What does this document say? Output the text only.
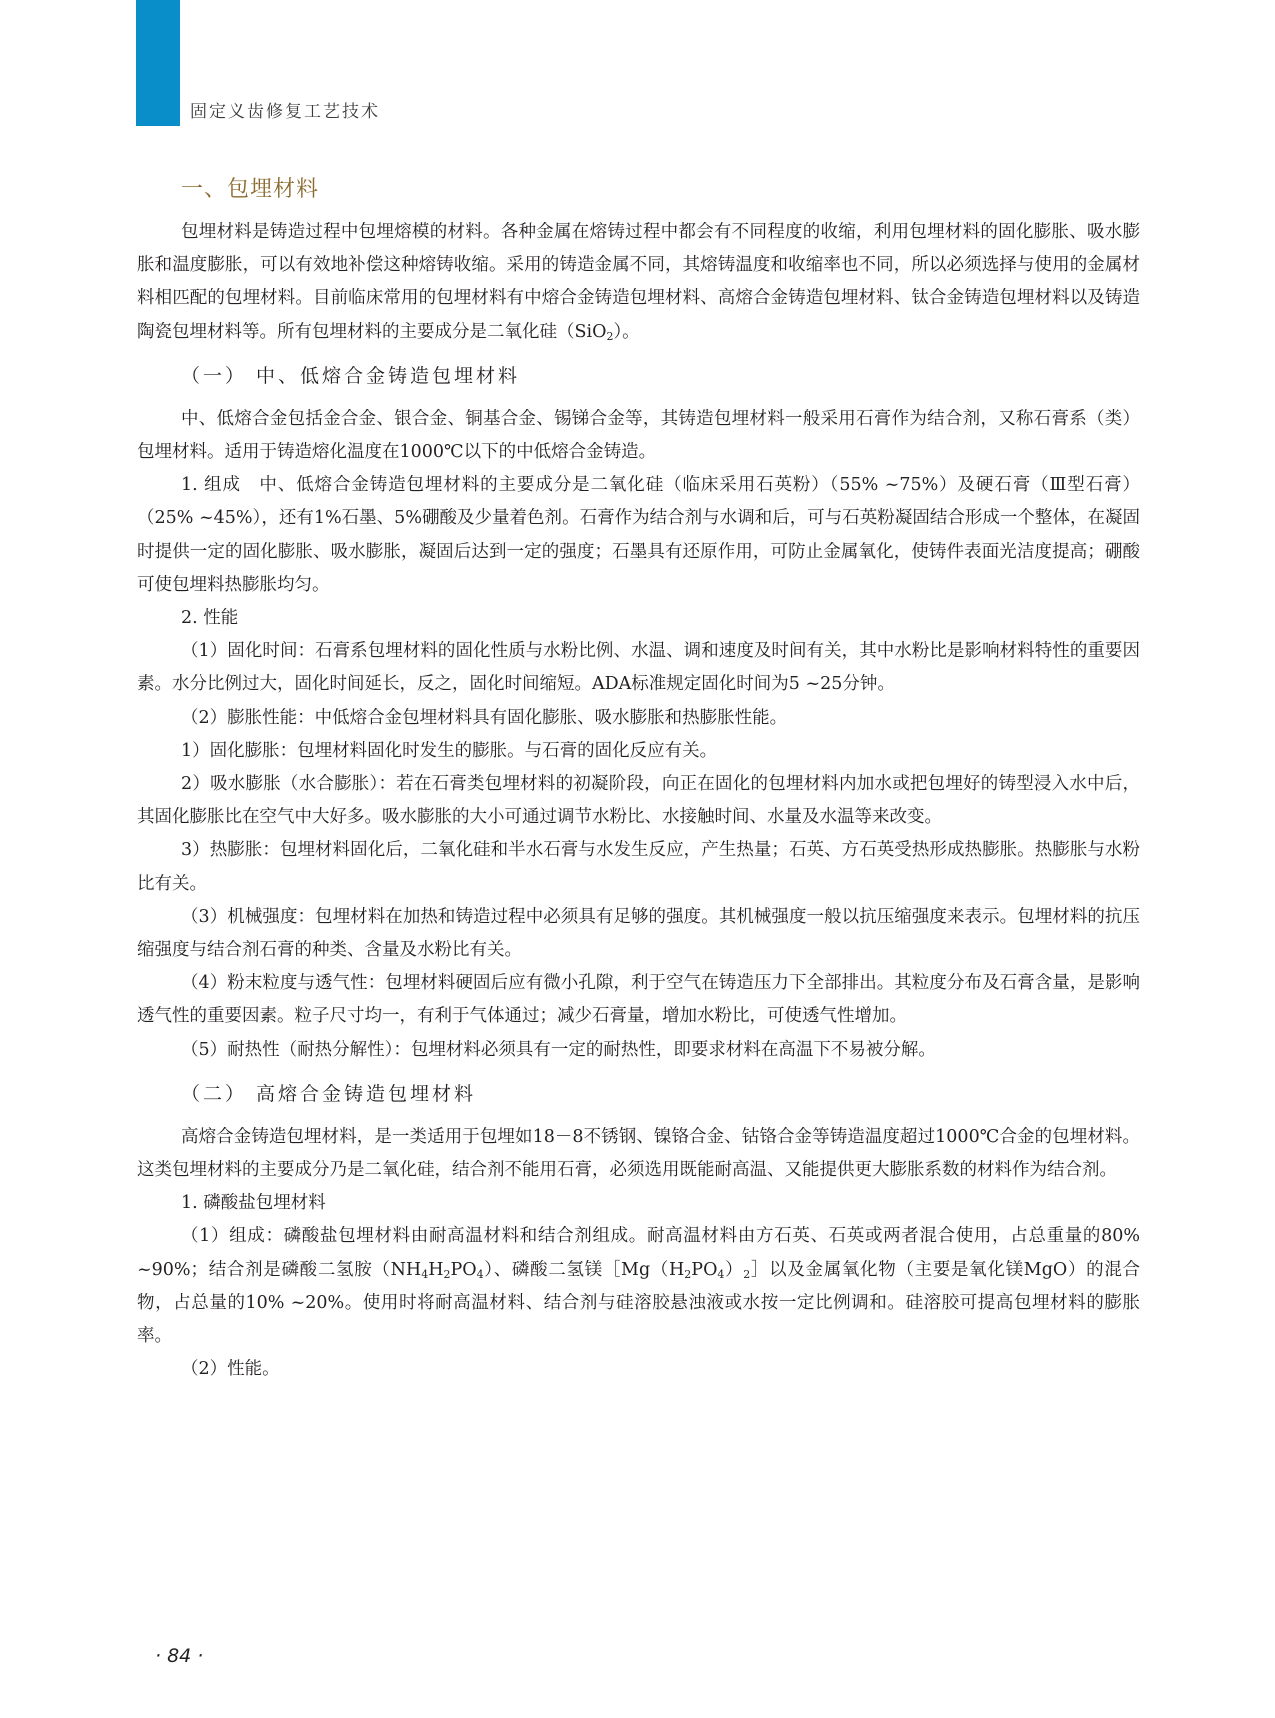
固定义齿修复工艺技术
一、包埋材料

包埋材料是铸造过程中包埋熔模的材料。各种金属在熔铸过程中都会有不同程度的收缩，利用包埋材料的固化膨胀、吸水膨胀和温度膨胀，可以有效地补偿这种熔铸收缩。采用的铸造金属不同，其熔铸温度和收缩率也不同，所以必须选择与使用的金属材料相匹配的包埋材料。目前临床常用的包埋材料有中熔合金铸造包埋材料、高熔合金铸造包埋材料、钛合金铸造包埋材料以及铸造陶瓷包埋材料等。所有包埋材料的主要成分是二氧化硅（SiO$_2$）。

（一） 中、低熔合金铸造包埋材料

中、低熔合金包括金合金、银合金、铜基合金、锡锑合金等，其铸造包埋材料一般采用石膏作为结合剂，又称石膏系（类）包埋材料。适用于铸造熔化温度在1000℃以下的中低熔合金铸造。

1. 组成　中、低熔合金铸造包埋材料的主要成分是二氧化硅（临床采用石英粉）（55% ~75%）及硬石膏（Ⅲ型石膏）（25% ~45%），还有1%石墨、5%硼酸及少量着色剂。石膏作为结合剂与水调和后，可与石英粉凝固结合形成一个整体，在凝固时提供一定的固化膨胀、吸水膨胀，凝固后达到一定的强度；石墨具有还原作用，可防止金属氧化，使铸件表面光洁度提高；硼酸可使包埋料热膨胀均匀。

2. 性能

（1）固化时间：石膏系包埋材料的固化性质与水粉比例、水温、调和速度及时间有关，其中水粉比是影响材料特性的重要因素。水分比例过大，固化时间延长，反之，固化时间缩短。ADA标准规定固化时间为5 ~25分钟。

（2）膨胀性能：中低熔合金包埋材料具有固化膨胀、吸水膨胀和热膨胀性能。

1）固化膨胀：包埋材料固化时发生的膨胀。与石膏的固化反应有关。

2）吸水膨胀（水合膨胀）：若在石膏类包埋材料的初凝阶段，向正在固化的包埋材料内加水或把包埋好的铸型浸入水中后，其固化膨胀比在空气中大好多。吸水膨胀的大小可通过调节水粉比、水接触时间、水量及水温等来改变。

3）热膨胀：包埋材料固化后，二氧化硅和半水石膏与水发生反应，产生热量；石英、方石英受热形成热膨胀。热膨胀与水粉比有关。

（3）机械强度：包埋材料在加热和铸造过程中必须具有足够的强度。其机械强度一般以抗压缩强度来表示。包埋材料的抗压缩强度与结合剂石膏的种类、含量及水粉比有关。

（4）粉末粒度与透气性：包埋材料硬固后应有微小孔隙，利于空气在铸造压力下全部排出。其粒度分布及石膏含量，是影响透气性的重要因素。粒子尺寸均一，有利于气体通过；减少石膏量，增加水粉比，可使透气性增加。

（5）耐热性（耐热分解性）：包埋材料必须具有一定的耐热性，即要求材料在高温下不易被分解。

（二） 高熔合金铸造包埋材料

高熔合金铸造包埋材料，是一类适用于包埋如18－8不锈钢、镍铬合金、钴铬合金等铸造温度超过1000℃合金的包埋材料。这类包埋材料的主要成分乃是二氧化硅，结合剂不能用石膏，必须选用既能耐高温、又能提供更大膨胀系数的材料作为结合剂。

1. 磷酸盐包埋材料

（1）组成：磷酸盐包埋材料由耐高温材料和结合剂组成。耐高温材料由方石英、石英或两者混合使用，占总重量的80% ~90%；结合剂是磷酸二氢胺$(NH_4H_2PO_4)$、磷酸二氢镁$[Mg(H_2PO_4)_2]$以及金属氧化物（主要是氧化镁MgO）的混合物，占总量的10% ~20%。使用时将耐高温材料、结合剂与硅溶胶悬浊液或水按一定比例调和。硅溶胶可提高包埋材料的膨胀率。

（2）性能。

· 84 ·
